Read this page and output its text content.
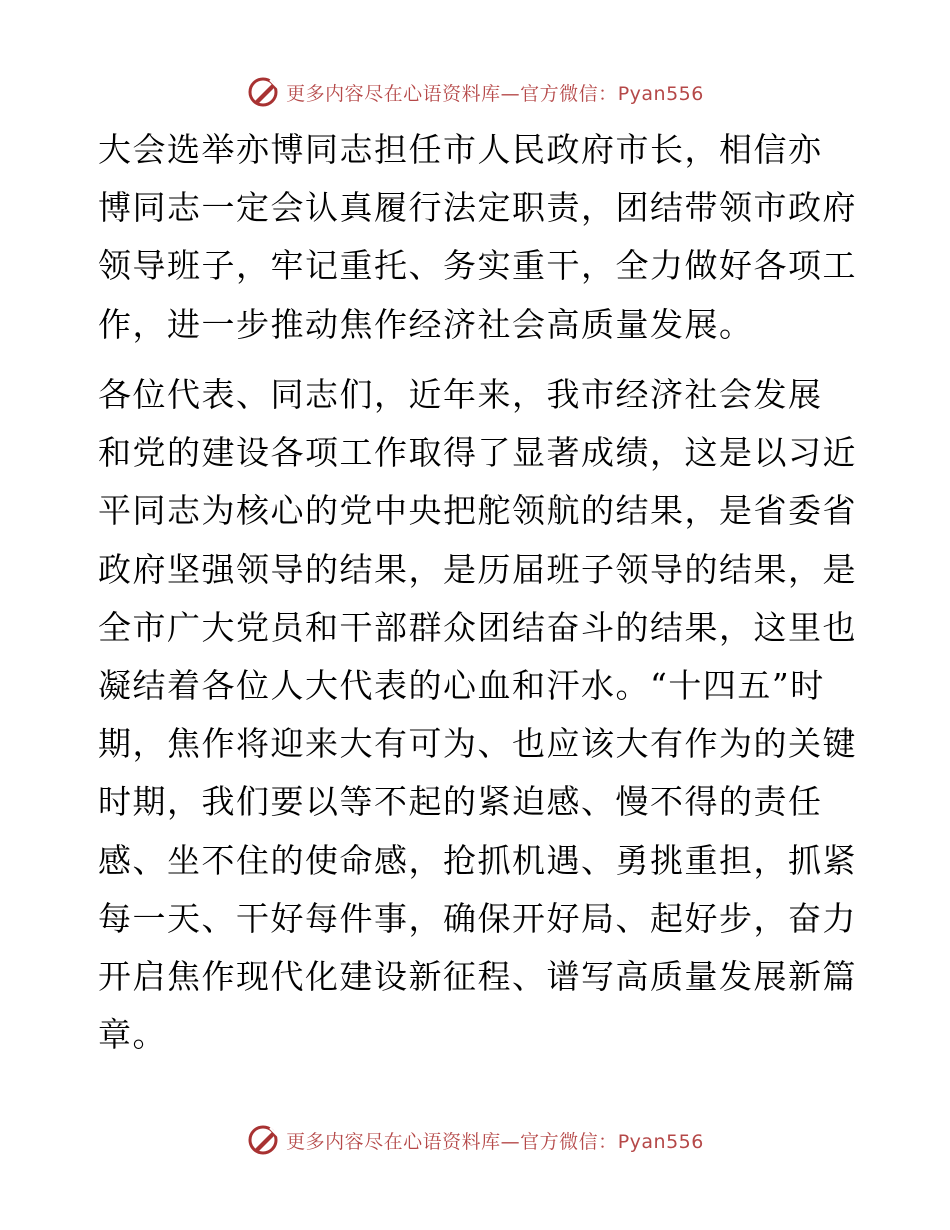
更多内容尽在心语资料库—官方微信：Pyan556
大会选举亦博同志担任市人民政府市长，相信亦
博同志一定会认真履行法定职责，团结带领市政府
领导班子，牢记重托、务实重干，全力做好各项工
作，进一步推动焦作经济社会高质量发展。
各位代表、同志们，近年来，我市经济社会发展
和党的建设各项工作取得了显著成绩，这是以习近
平同志为核心的党中央把舵领航的结果，是省委省
政府坚强领导的结果，是历届班子领导的结果，是
全市广大党员和干部群众团结奋斗的结果，这里也
凝结着各位人大代表的心血和汗水。“十四五”时
期，焦作将迎来大有可为、也应该大有作为的关键
时期，我们要以等不起的紧迫感、慢不得的责任
感、坐不住的使命感，抢抓机遇、勇挑重担，抓紧
每一天、干好每件事，确保开好局、起好步，奋力
开启焦作现代化建设新征程、谱写高质量发展新篇
章。
更多内容尽在心语资料库—官方微信：Pyan556
